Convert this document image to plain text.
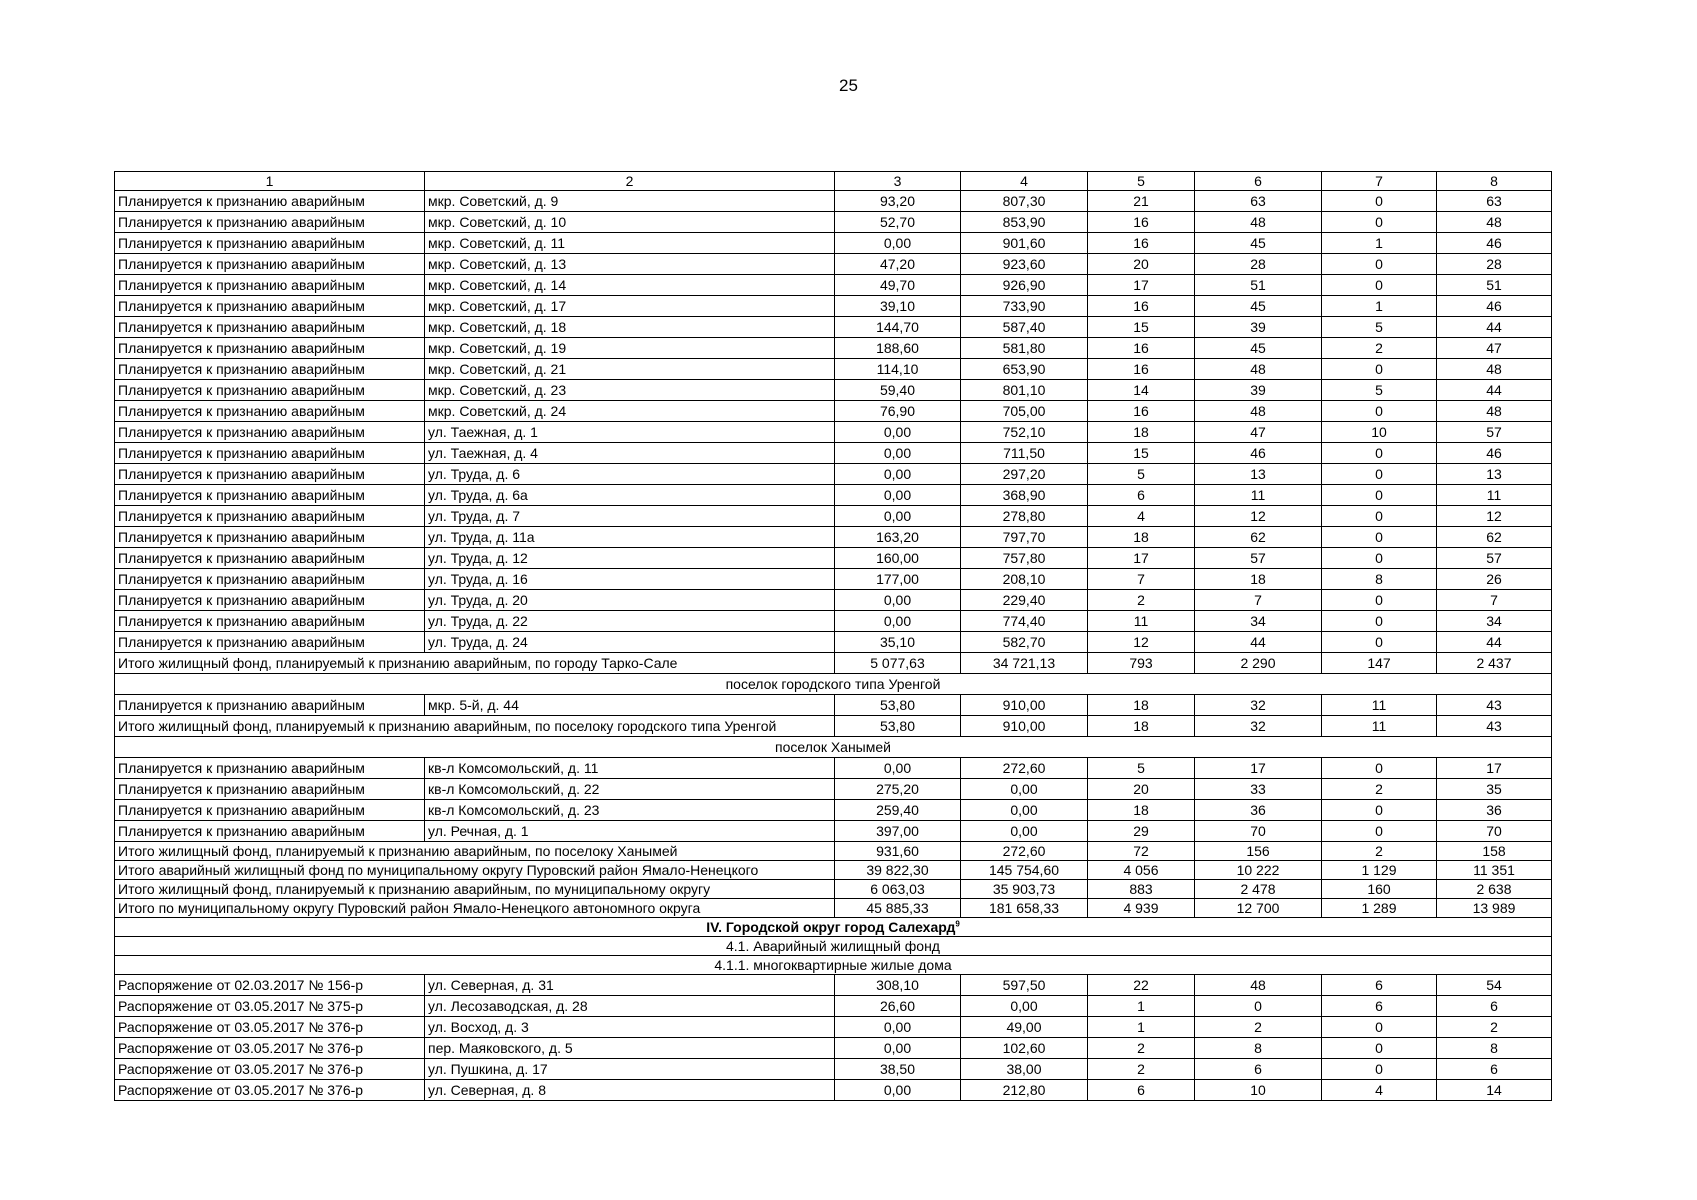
25
1	2	3	4	5	6	7	8
Планируется к признанию аварийным	мкр. Советский, д. 9	93,20	807,30	21	63	0	63
Планируется к признанию аварийным	мкр. Советский, д. 10	52,70	853,90	16	48	0	48
Планируется к признанию аварийным	мкр. Советский, д. 11	0,00	901,60	16	45	1	46
Планируется к признанию аварийным	мкр. Советский, д. 13	47,20	923,60	20	28	0	28
Планируется к признанию аварийным	мкр. Советский, д. 14	49,70	926,90	17	51	0	51
Планируется к признанию аварийным	мкр. Советский, д. 17	39,10	733,90	16	45	1	46
Планируется к признанию аварийным	мкр. Советский, д. 18	144,70	587,40	15	39	5	44
Планируется к признанию аварийным	мкр. Советский, д. 19	188,60	581,80	16	45	2	47
Планируется к признанию аварийным	мкр. Советский, д. 21	114,10	653,90	16	48	0	48
Планируется к признанию аварийным	мкр. Советский, д. 23	59,40	801,10	14	39	5	44
Планируется к признанию аварийным	мкр. Советский, д. 24	76,90	705,00	16	48	0	48
Планируется к признанию аварийным	ул. Таежная, д. 1	0,00	752,10	18	47	10	57
Планируется к признанию аварийным	ул. Таежная, д. 4	0,00	711,50	15	46	0	46
Планируется к признанию аварийным	ул. Труда, д. 6	0,00	297,20	5	13	0	13
Планируется к признанию аварийным	ул. Труда, д. 6а	0,00	368,90	6	11	0	11
Планируется к признанию аварийным	ул. Труда, д. 7	0,00	278,80	4	12	0	12
Планируется к признанию аварийным	ул. Труда, д. 11а	163,20	797,70	18	62	0	62
Планируется к признанию аварийным	ул. Труда, д. 12	160,00	757,80	17	57	0	57
Планируется к признанию аварийным	ул. Труда, д. 16	177,00	208,10	7	18	8	26
Планируется к признанию аварийным	ул. Труда, д. 20	0,00	229,40	2	7	0	7
Планируется к признанию аварийным	ул. Труда, д. 22	0,00	774,40	11	34	0	34
Планируется к признанию аварийным	ул. Труда, д. 24	35,10	582,70	12	44	0	44
Итого жилищный фонд, планируемый к признанию аварийным, по городу Тарко-Сале		5 077,63	34 721,13	793	2 290	147	2 437
поселок городского типа Уренгой							
Планируется к признанию аварийным	мкр. 5-й, д. 44	53,80	910,00	18	32	11	43
Итого жилищный фонд, планируемый к признанию аварийным, по поселоку городского типа Уренгой		53,80	910,00	18	32	11	43
поселок Ханымей							
Планируется к признанию аварийным	кв-л Комсомольский, д. 11	0,00	272,60	5	17	0	17
Планируется к признанию аварийным	кв-л Комсомольский, д. 22	275,20	0,00	20	33	2	35
Планируется к признанию аварийным	кв-л Комсомольский, д. 23	259,40	0,00	18	36	0	36
Планируется к признанию аварийным	ул. Речная, д. 1	397,00	0,00	29	70	0	70
Итого жилищный фонд, планируемый к признанию аварийным, по поселоку Ханымей		931,60	272,60	72	156	2	158
Итого аварийный жилищный фонд по муниципальному округу Пуровский район Ямало-Ненецкого		39 822,30	145 754,60	4 056	10 222	1 129	11 351
Итого жилищный фонд, планируемый к признанию аварийным, по муниципальному округу		6 063,03	35 903,73	883	2 478	160	2 638
Итого по муниципальному округу Пуровский район Ямало-Ненецкого автономного округа		45 885,33	181 658,33	4 939	12 700	1 289	13 989
IV. Городской округ город Салехард$^9$
4.1. Аварийный жилищный фонд							
4.1.1. многоквартирные жилые дома							
Распоряжение от 02.03.2017 № 156-р	ул. Северная, д. 31	308,10	597,50	22	48	6	54
Распоряжение от 03.05.2017 № 375-р	ул. Лесозаводская, д. 28	26,60	0,00	1	0	6	6
Распоряжение от 03.05.2017 № 376-р	ул. Восход, д. 3	0,00	49,00	1	2	0	2
Распоряжение от 03.05.2017 № 376-р	пер. Маяковского, д. 5	0,00	102,60	2	8	0	8
Распоряжение от 03.05.2017 № 376-р	ул. Пушкина, д. 17	38,50	38,00	2	6	0	6
Распоряжение от 03.05.2017 № 376-р	ул. Северная, д. 8	0,00	212,80	6	10	4	14
